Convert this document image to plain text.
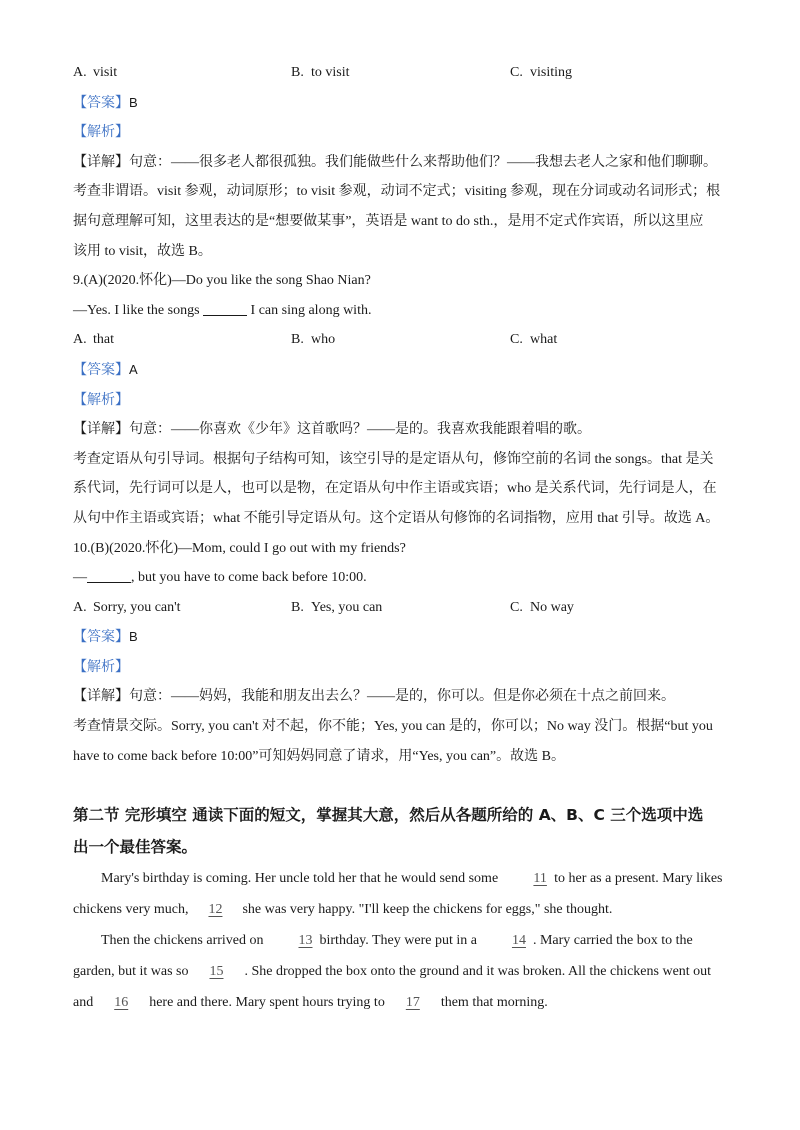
A. visit	B. to visit	C. visiting
【答案】B
【解析】
【详解】句意：——很多老人都很孤独。我们能做些什么来帮助他们？——我想去老人之家和他们聊聊。
考查非谓语。visit 参观，动词原形；to visit 参观，动词不定式；visiting 参观，现在分词或动名词形式；根
据句意理解可知，这里表达的是“想要做某事”，英语是 want to do sth.，是用不定式作宾语，所以这里应
该用 to visit，故选 B。
9.(A)(2020.怀化)—Do you like the song Shao Nian?
—Yes. I like the songs	I can sing along with.
A. that	B. who	C. what
【答案】A
【解析】
【详解】句意：——你喜欢《少年》这首歌吗？——是的。我喜欢我能跟着唱的歌。
考查定语从句引导词。根据句子结构可知，该空引导的是定语从句，修饰空前的名词 the songs。that 是关
系代词，先行词可以是人，也可以是物，在定语从句中作主语或宾语；who 是关系代词，先行词是人，在
从句中作主语或宾语；what 不能引导定语从句。这个定语从句修饰的名词指物，应用 that 引导。故选 A。
10.(B)(2020.怀化)—Mom, could I go out with my friends?
—	, but you have to come back before 10:00.
A. Sorry, you can't	B. Yes, you can	C. No way
【答案】B
【解析】
【详解】句意：——妈妈，我能和朋友出去么？——是的，你可以。但是你必须在十点之前回来。
考查情景交际。Sorry, you can't 对不起，你不能；Yes, you can 是的，你可以；No way 没门。根据“but you
have to come back before 10:00”可知妈妈同意了请求，用“Yes, you can”。故选 B。
第二节 完形填空 通读下面的短文，掌握其大意，然后从各题所给的 A、B、C 三个选项中选
出一个最佳答案。
Mary's birthday is coming. Her uncle told her that he would send some	11 to her as a present. Mary likes
chickens very much, 12 she was very happy. "I'll keep the chickens for eggs," she thought.
Then the chickens arrived on	13 birthday. They were put in a	14 . Mary carried the box to the
garden, but it was so 15 . She dropped the box onto the ground and it was broken. All the chickens went out
and 16 here and there. Mary spent hours trying to 17 them that morning.
